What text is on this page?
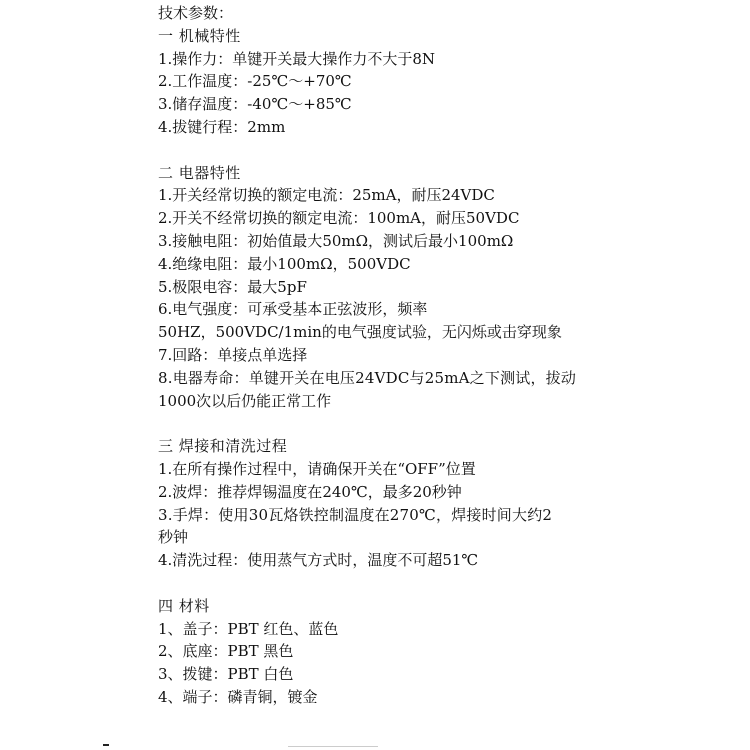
技术参数：
一 机械特性
1.操作力：单键开关最大操作力不大于8N
2.工作温度：-25℃～+70℃
3.储存温度：-40℃～+85℃
4.拔键行程：2mm
二 电器特性
1.开关经常切换的额定电流：25mA，耐压24VDC
2.开关不经常切换的额定电流：100mA，耐压50VDC
3.接触电阻：初始值最大50mΩ，测试后最小100mΩ
4.绝缘电阻：最小100mΩ，500VDC
5.极限电容：最大5pF
6.电气强度：可承受基本正弦波形，频率
50HZ，500VDC/1min的电气强度试验，无闪烁或击穿现象
7.回路：单接点单选择
8.电器寿命：单键开关在电压24VDC与25mA之下测试，拔动
1000次以后仍能正常工作
三 焊接和清洗过程
1.在所有操作过程中，请确保开关在“OFF”位置
2.波焊：推荐焊锡温度在240℃，最多20秒钟
3.手焊：使用30瓦烙铁控制温度在270℃，焊接时间大约2
秒钟
4.清洗过程：使用蒸气方式时，温度不可超51℃
四 材料
1、盖子：PBT 红色、蓝色
2、底座：PBT 黑色
3、拨键：PBT 白色
4、端子：磷青铜，镀金
